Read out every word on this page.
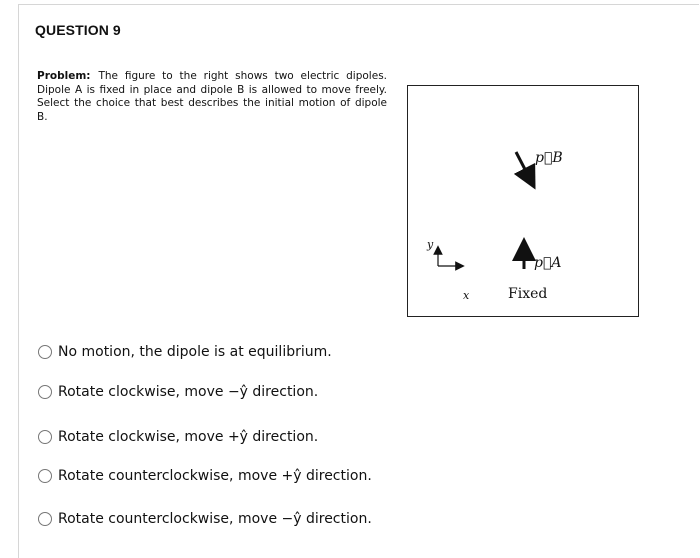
QUESTION 9
Problem: The figure to the right shows two electric dipoles. Dipole A is fixed in place and dipole B is allowed to move freely. Select the choice that best describes the initial motion of dipole B.
p⃗B
p⃗A
y
x	Fixed
No motion, the dipole is at equilibrium.
Rotate clockwise, move −ŷ direction.
Rotate clockwise, move +ŷ direction.
Rotate counterclockwise, move +ŷ direction.
Rotate counterclockwise, move −ŷ direction.
